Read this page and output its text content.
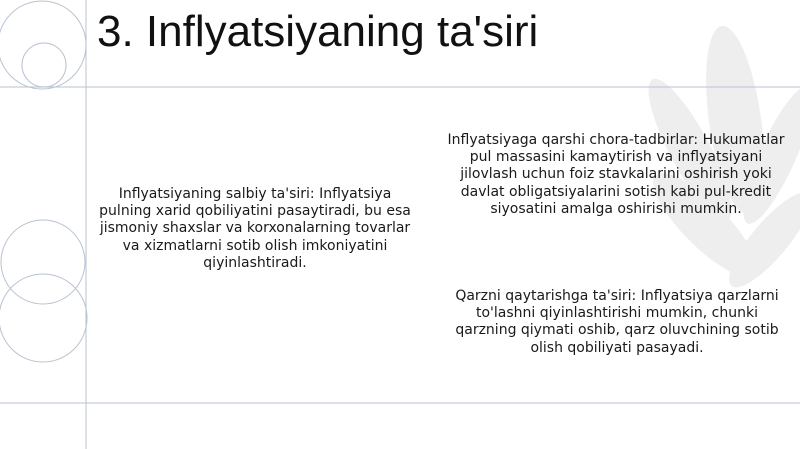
3. Inflyatsiyaning ta'siri
Inflyatsiyaning salbiy ta'siri: Inflyatsiya pulning xarid qobiliyatini pasaytiradi, bu esa jismoniy shaxslar va korxonalarning tovarlar va xizmatlarni sotib olish imkoniyatini qiyinlashtiradi.
Inflyatsiyaga qarshi chora-tadbirlar: Hukumatlar pul massasini kamaytirish va inflyatsiyani jilovlash uchun foiz stavkalarini oshirish yoki davlat obligatsiyalarini sotish kabi pul-kredit siyosatini amalga oshirishi mumkin.
Qarzni qaytarishga ta'siri: Inflyatsiya qarzlarni to'lashni qiyinlashtirishi mumkin, chunki qarzning qiymati oshib, qarz oluvchining sotib olish qobiliyati pasayadi.
